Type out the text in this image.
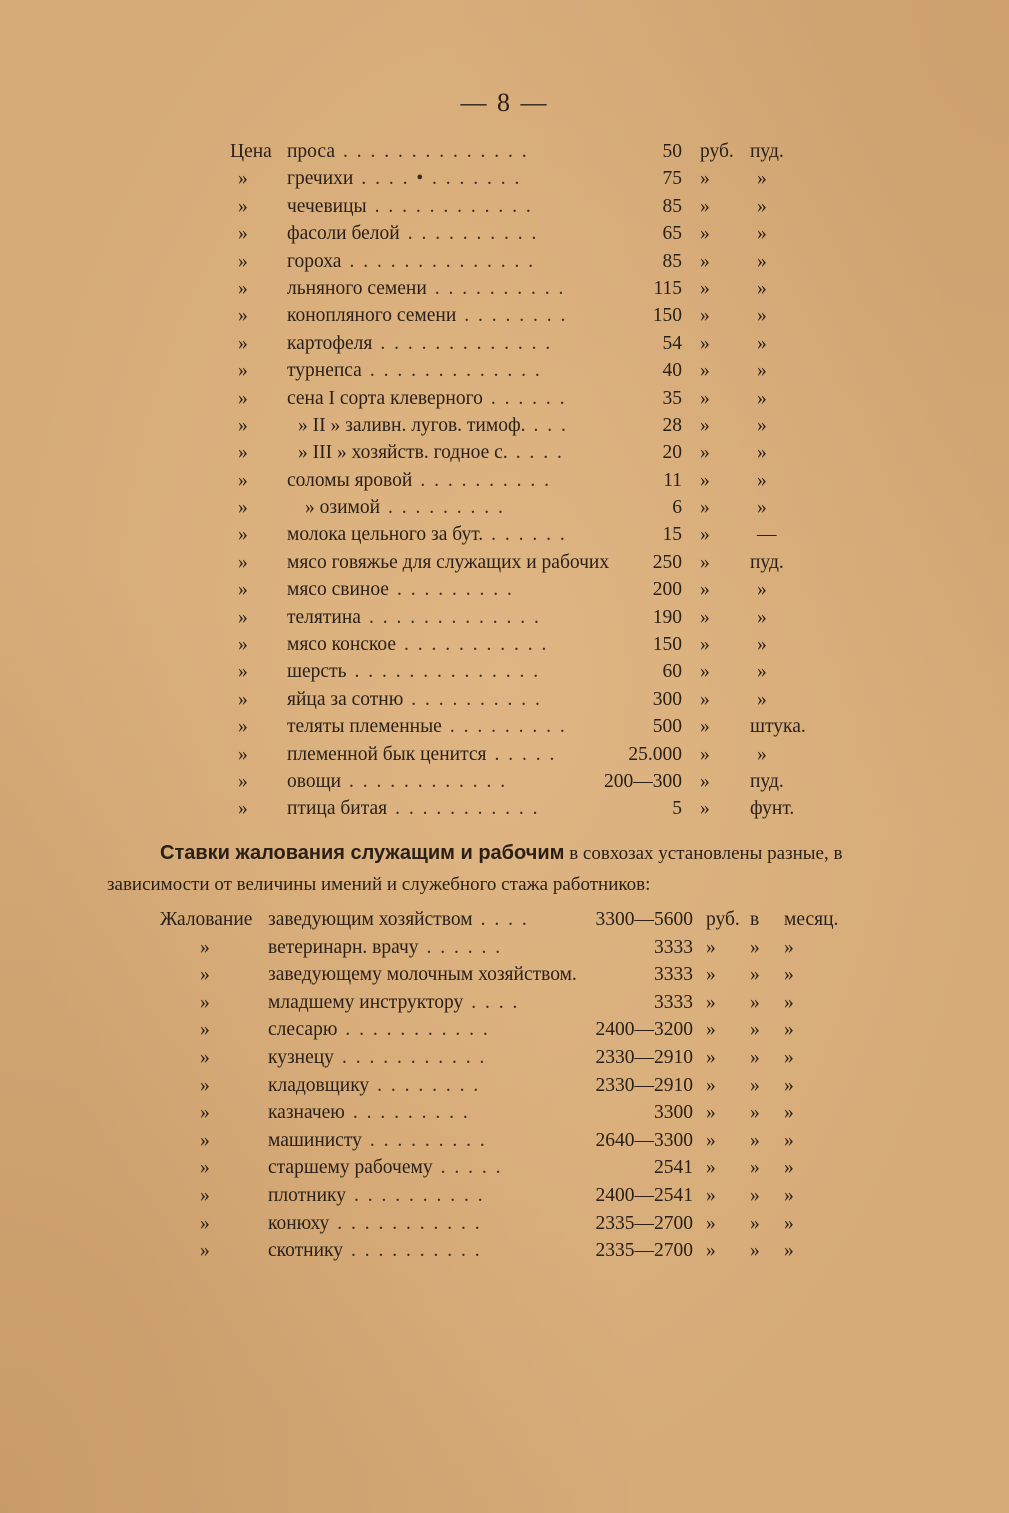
— 8 —
Цена проса . . . . . . . . . . . . . .	50 руб. пуд.
» гречихи . . . . • . . . . . . .	75 » »
» чечевицы . . . . . . . . . . . .	85 » »
» фасоли белой . . . . . . . . . .	65 » »
» гороха . . . . . . . . . . . . . .	85 » »
» льняного семени . . . . . . . . . .	115 » »
» конопляного семени . . . . . . . .	150 » »
» картофеля . . . . . . . . . . . . .	54 » »
» турнепса . . . . . . . . . . . . .	40 » »
» сена I сорта клеверного . . . . . .	35 » »
»	» II » заливн. лугов. тимоф. . . .	28 » »
»	» III » хозяйств. годное с. . . . .	20 » »
» соломы яровой . . . . . . . . . .	11 » »
»	» озимой . . . . . . . . .	6 » »
» молока цельного за бут. . . . . . .	15 » —
» мясо говяжье для служащих и рабочих	250 » пуд.
» мясо свиное . . . . . . . . .	200 » »
» телятина . . . . . . . . . . . . .	190 » »
» мясо конское . . . . . . . . . . .	150 » »
» шерсть . . . . . . . . . . . . . .	60 » »
» яйца за сотню . . . . . . . . . .	300 » »
» теляты племенные . . . . . . . . .	500 » штука.
» племенной бык ценится . . . . .	25.000 » »
» овощи . . . . . . . . . . . .	200—300 » пуд.
» птица битая . . . . . . . . . . .	5 » фунт.
Ставки жалования служащим и рабочим в совхозах установлены разные, в зависимости от величины имений и служебного стажа работников:
Жалование заведующим хозяйством . . . .	3300—5600 руб. в месяц.
»	ветеринарн. врачу . . . . . .	3333 » » »
»	заведующему молочным хозяйством.	3333 » » »
»	младшему инструктору . . . .	3333 » » »
»	слесарю . . . . . . . . . . .	2400—3200 » » »
»	кузнецу . . . . . . . . . . .	2330—2910 » » »
»	кладовщику . . . . . . . .	2330—2910 » » »
»	казначею . . . . . . . . .	3300 » » »
»	машинисту . . . . . . . . .	2640—3300 » » »
»	старшему рабочему . . . . .	2541 » » »
»	плотнику . . . . . . . . . .	2400—2541 » » »
»	конюху . . . . . . . . . . .	2335—2700 » » »
»	скотнику . . . . . . . . . .	2335—2700 » » »
